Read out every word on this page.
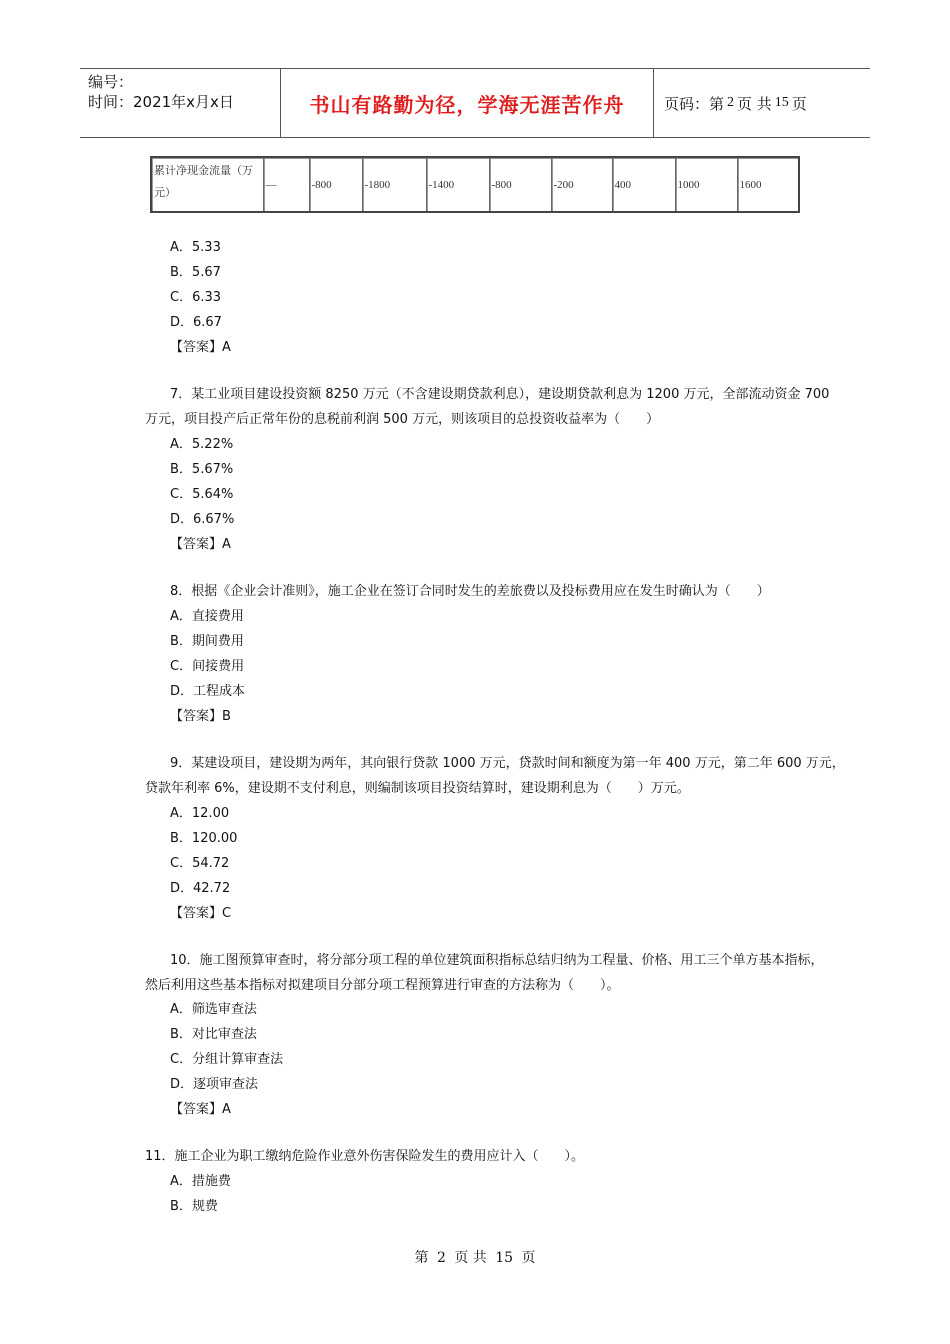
编号：
时间：2021年x月x日	书山有路勤为径，学海无涯苦作舟	页码：第 2 页 共 15 页
累计净现金流量（万
元）	—	-800	-1800	-1400	-800	-200	400	1000	1600
A．5.33
B．5.67
C．6.33
D．6.67
【答案】A
7．某工业项目建设投资额 8250 万元（不含建设期贷款利息），建设期贷款利息为 1200 万元，全部流动资金 700
万元，项目投产后正常年份的息税前利润 500 万元，则该项目的总投资收益率为（　　）
A．5.22%
B．5.67%
C．5.64%
D．6.67%
【答案】A
8．根据《企业会计准则》，施工企业在签订合同时发生的差旅费以及投标费用应在发生时确认为（　　）
A．直接费用
B．期间费用
C．间接费用
D．工程成本
【答案】B
9．某建设项目，建设期为两年，其向银行贷款 1000 万元，贷款时间和额度为第一年 400 万元，第二年 600 万元，
贷款年利率 6%，建设期不支付利息，则编制该项目投资结算时，建设期利息为（　　）万元。
A．12.00
B．120.00
C．54.72
D．42.72
【答案】C
10．施工图预算审查时，将分部分项工程的单位建筑面积指标总结归纳为工程量、价格、用工三个单方基本指标，
然后利用这些基本指标对拟建项目分部分项工程预算进行审查的方法称为（　　）。
A．筛选审查法
B．对比审查法
C．分组计算审查法
D．逐项审查法
【答案】A
11．施工企业为职工缴纳危险作业意外伤害保险发生的费用应计入（　　）。
A．措施费
B．规费
第 2 页 共 15 页
